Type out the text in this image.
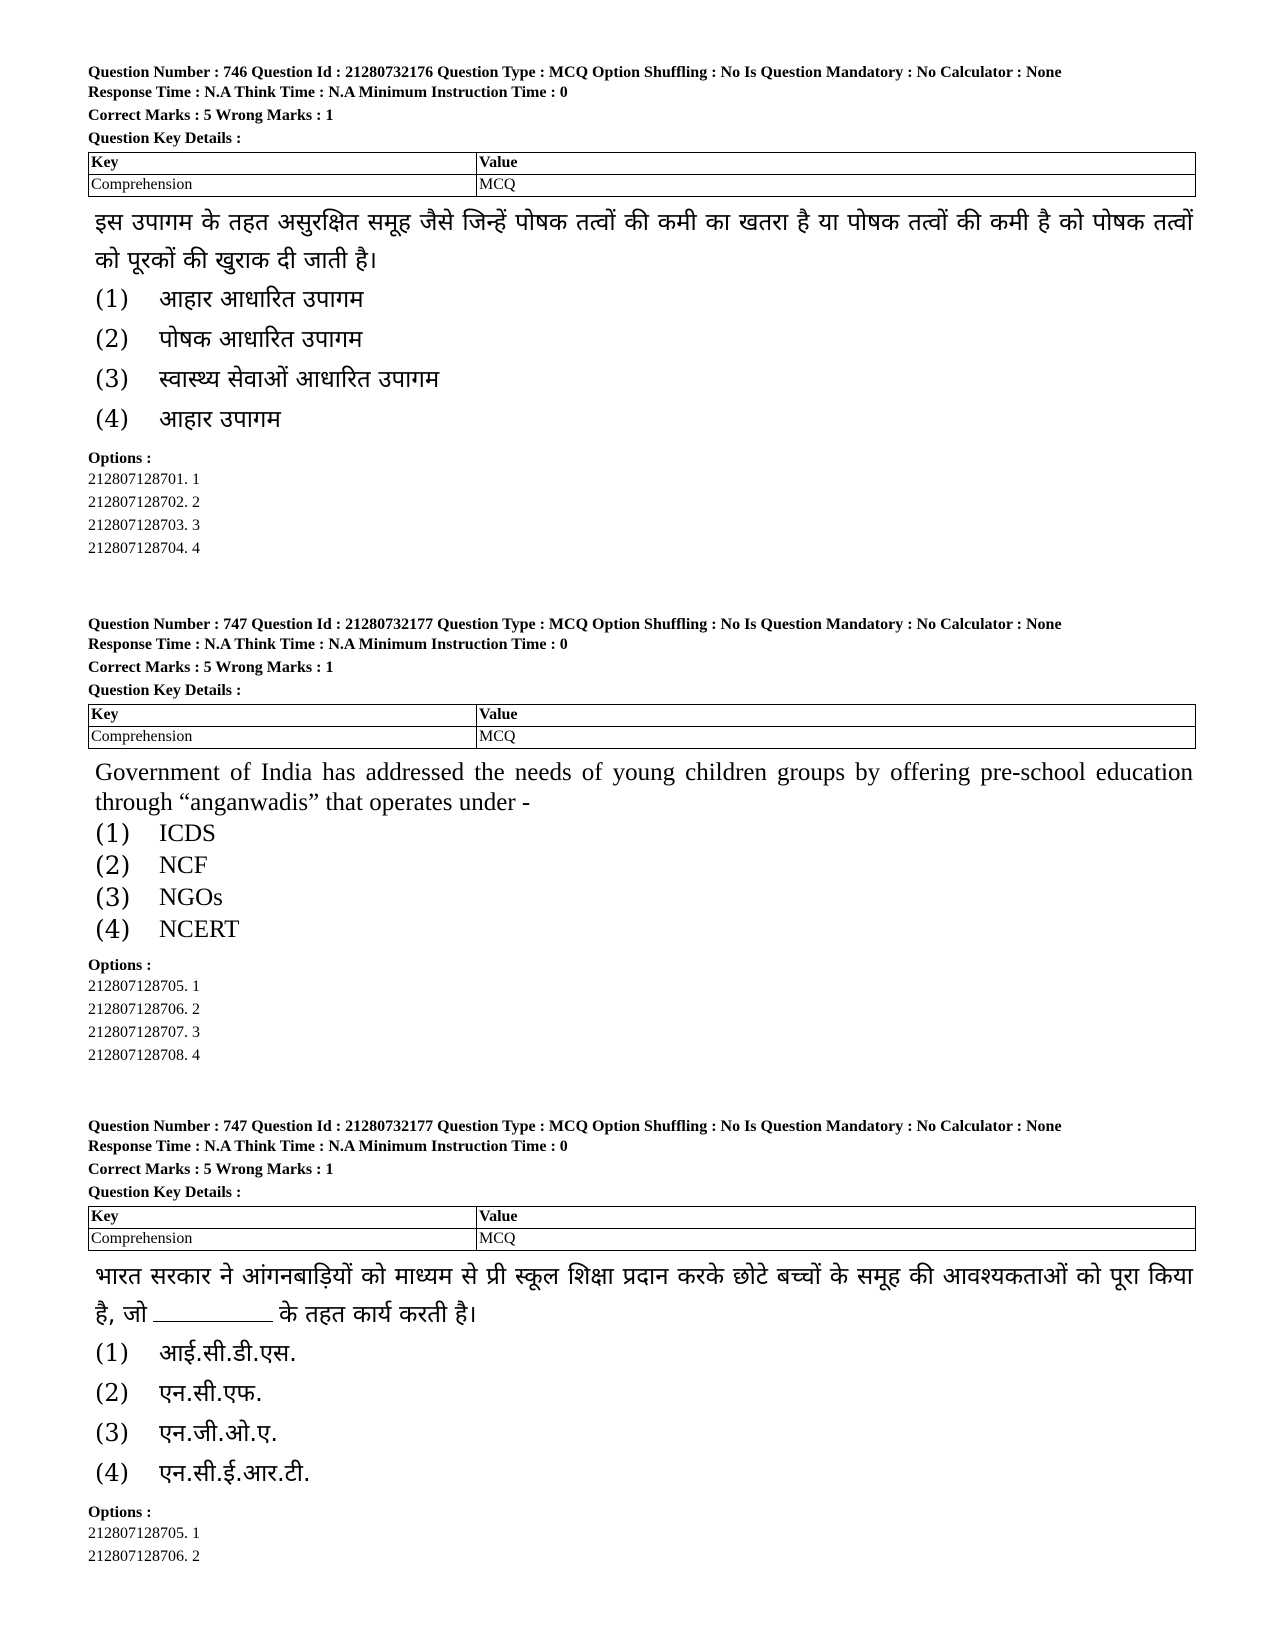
Question Number : 746 Question Id : 21280732176 Question Type : MCQ Option Shuffling : No Is Question Mandatory : No Calculator : None
Response Time : N.A Think Time : N.A Minimum Instruction Time : 0
Correct Marks : 5 Wrong Marks : 1
Question Key Details :
Key	Value
Comprehension	MCQ
इस उपागम के तहत असुरक्षित समूह जैसे जिन्हें पोषक तत्वों की कमी का खतरा है या पोषक तत्वों की कमी है को पोषक तत्वों को पूरकों की खुराक दी जाती है।
(1)	आहार आधारित उपागम
(2)	पोषक आधारित उपागम
(3)	स्वास्थ्य सेवाओं आधारित उपागम
(4)	आहार उपागम
Options :
212807128701. 1
212807128702. 2
212807128703. 3
212807128704. 4
Question Number : 747 Question Id : 21280732177 Question Type : MCQ Option Shuffling : No Is Question Mandatory : No Calculator : None
Response Time : N.A Think Time : N.A Minimum Instruction Time : 0
Correct Marks : 5 Wrong Marks : 1
Question Key Details :
Key	Value
Comprehension	MCQ
Government of India has addressed the needs of young children groups by offering pre-school education through “anganwadis” that operates under -
(1)	ICDS
(2)	NCF
(3)	NGOs
(4)	NCERT
Options :
212807128705. 1
212807128706. 2
212807128707. 3
212807128708. 4
Question Number : 747 Question Id : 21280732177 Question Type : MCQ Option Shuffling : No Is Question Mandatory : No Calculator : None
Response Time : N.A Think Time : N.A Minimum Instruction Time : 0
Correct Marks : 5 Wrong Marks : 1
Question Key Details :
Key	Value
Comprehension	MCQ
भारत सरकार ने आंगनबाड़ियों को माध्यम से प्री स्कूल शिक्षा प्रदान करके छोटे बच्चों के समूह की आवश्यकताओं को पूरा किया है, जो	के तहत कार्य करती है।
(1)	आई.सी.डी.एस.
(2)	एन.सी.एफ.
(3)	एन.जी.ओ.ए.
(4)	एन.सी.ई.आर.टी.
Options :
212807128705. 1
212807128706. 2
